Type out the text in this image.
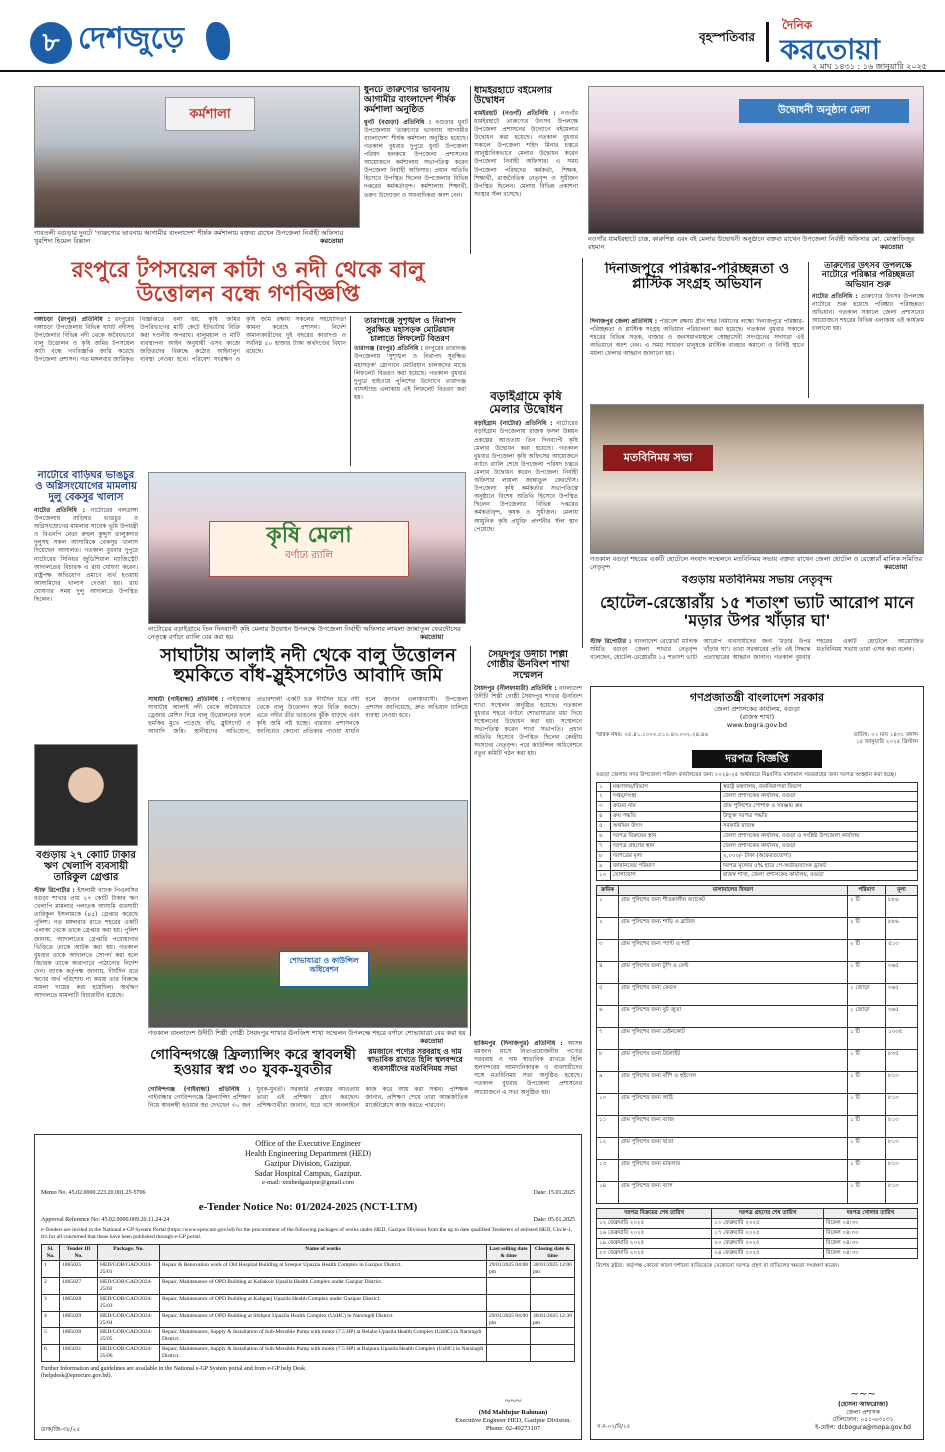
৮ দেশজুড়ে	বৃহস্পতিবার
দৈনিক
করতোয়া
২ মাঘ ১৪৩১ : ১৬ জানুয়ারি ২০২৫
কর্মশালা
গাবতলী বগুড়ার দুনটে 'তারুণ্যের ভাবনায় আগামীর বাংলাদেশ' শীর্ষক কর্মশালায় বক্তব্য রাখেন উপজেলা নির্বাহী অফিসার খুরশিদা হিমেল বিল্লাল	করতোয়া
ধুনটে তারুণ্যের ভাবনায় আগামীর বাংলাদেশ শীর্ষক কর্মশালা অনুষ্ঠিত
ধুনট (বগুড়া) প্রতিনিধি : বগুড়ার ধুনট উপজেলায় 'তারুণ্যের ভাবনায় আগামীর বাংলাদেশ' শীর্ষক কর্মশালা অনুষ্ঠিত হয়েছে। গতকাল বুধবার দুপুরে ধুনট উপজেলা পরিষদ হলরুমে উপজেলা প্রশাসনের আয়োজনে কর্মশালায় সভাপতিত্ব করেন উপজেলা নির্বাহী অফিসার। প্রধান অতিথি হিসেবে উপস্থিত ছিলেন উপজেলার বিভিন্ন দপ্তরের কর্মকর্তাবৃন্দ। কর্মশালায় শিক্ষার্থী, তরুণ উদ্যোক্তা ও সাংবাদিকরা অংশ নেন।
ধামইরহাটে বইমেলার উদ্বোধন
ধামইরহাট (নওগাঁ) প্রতিনিধি : নওগাঁর ধামইরহাটে তারুণ্যের উৎসব উপলক্ষে উপজেলা প্রশাসনের উদ্যোগে বইমেলার উদ্বোধন করা হয়েছে। গতকাল বুধবার সকালে উপজেলা শহিদ মিনার চত্বরে আনুষ্ঠানিকভাবে মেলার উদ্বোধন করেন উপজেলা নির্বাহী অফিসার। এ সময় উপজেলা পরিষদের কর্মকর্তা, শিক্ষক, শিক্ষার্থী, রাজনৈতিক নেতৃবৃন্দ ও সুধীজন উপস্থিত ছিলেন। মেলায় বিভিন্ন প্রকাশনা সংস্থার স্টল বসেছে।
উদ্বোধনী অনুষ্ঠান মেলা
নওগাঁর ধামইরহাটে চাক্ক, কারুশিল্প এবং বই মেলার উদ্বোধনী অনুষ্ঠানে বক্তব্য রাখেন উপজেলা নির্বাহী অফিসার মো. মোস্তাফিজুর রহমান	করতোয়া
রংপুরে টপসয়েল কাটা ও নদী থেকে বালু উত্তোলন বন্ধে গণবিজ্ঞপ্তি
গঙ্গাচড়া (রংপুর) প্রতিনিধি : রংপুরের গঙ্গাচড়া উপজেলায় বিভিন্ন ঘাঘট নদীসহ উপজেলার বিভিন্ন নদী থেকে অবৈধভাবে বালু উত্তোলন ও কৃষি জমির টপসয়েল কাটা বন্ধে গণবিজ্ঞপ্তি জারি করেছে উপজেলা প্রশাসন। গত মঙ্গলবার জারিকৃত বিজ্ঞপ্তিতে বলা হয়, কৃষি জমির উপরিভাগের মাটি কেটে ইটভাটায় বিক্রি করা দণ্ডনীয় অপরাধ। বালুমহাল ও মাটি ব্যবস্থাপনা আইন অনুযায়ী এসব কাজে জড়িতদের বিরুদ্ধে কঠোর আইনানুগ ব্যবস্থা নেওয়া হবে। পরিবেশ সংরক্ষণ ও কৃষি জমি রক্ষায় সকলের সহযোগিতা কামনা করেছে প্রশাসন। নির্দেশ অমান্যকারীদের দুই বছরের কারাদণ্ড ও সর্বনিম্ন ৫০ হাজার টাকা অর্থদণ্ডের বিধান রয়েছে।
তারাগঞ্জে সুশৃঙ্খল ও নিরাপদ সুরক্ষিত মহাসড়ক মোটরযান চালাতে লিফলেট বিতরণ
তারাগঞ্জ (রংপুর) প্রতিনিধি : রংপুরের তারাগঞ্জ উপজেলায় 'সুশৃঙ্খল ও নিরাপদ সুরক্ষিত মহাসড়ক' স্লোগানে মোটরযান চালকদের মাঝে লিফলেট বিতরণ করা হয়েছে। গতকাল বুধবার দুপুরে হাইওয়ে পুলিশের উদ্যোগে তারাগঞ্জ বাসস্ট্যান্ড এলাকায় এই লিফলেট বিতরণ করা হয়।
নাটোরে বাড়িঘর ভাঙচুর ও অগ্নিসংযোগের মামলায় দুলু বেকসুর খালাস
নাটোর প্রতিনিধি : নাটোরের নলডাঙ্গা উপজেলায় বাড়িঘর ভাঙচুর ও অগ্নিসংযোগের মামলায় সাবেক ভূমি উপমন্ত্রী ও বিএনপি নেতা রুহুল কুদ্দুস তালুকদার দুলুসহ সকল আসামিকে বেকসুর খালাস দিয়েছেন আদালত। গতকাল বুধবার দুপুরে নাটোরের সিনিয়র জুডিশিয়াল ম্যাজিস্ট্রেট আদালতের বিচারক এ রায় ঘোষণা করেন। রাষ্ট্রপক্ষ অভিযোগ প্রমাণে ব্যর্থ হওয়ায় আসামিদের খালাস দেওয়া হয়। রায় ঘোষণার সময় দুলু আদালতে উপস্থিত ছিলেন।
কৃষি মেলা
বর্ণাঢ্য র‍্যালি
নাটোরের বড়াইগ্রামে তিন দিনব্যাপী কৃষি মেলার উদ্বোধন উপলক্ষে উপজেলা নির্বাহী অফিসার লায়লা জান্নাতুল ফেরদৌসের নেতৃত্বে বর্ণাঢ্য র‍্যালি বের করা হয়	করতোয়া
বড়াইগ্রামে কৃষি মেলার উদ্বোধন
বড়াইগ্রাম (নাটোর) প্রতিনিধি : নাটোরের বড়াইগ্রাম উপজেলায় রাজস্ব ফসল উন্নয়ন প্রকল্পের আওতায় তিন দিনব্যাপী কৃষি মেলার উদ্বোধন করা হয়েছে। গতকাল বুধবার উপজেলা কৃষি অফিসের আয়োজনে বর্ণাঢ্য র‍্যালি শেষে উপজেলা পরিষদ চত্বরে মেলার উদ্বোধন করেন উপজেলা নির্বাহী অফিসার লায়লা জান্নাতুল ফেরদৌস। উপজেলা কৃষি কর্মকর্তার সভাপতিত্বে অনুষ্ঠানে বিশেষ অতিথি হিসেবে উপস্থিত ছিলেন উপজেলার বিভিন্ন দপ্তরের কর্মকর্তাবৃন্দ, কৃষক ও সুধীজন। মেলায় আধুনিক কৃষি প্রযুক্তি প্রদর্শনীর স্টল স্থান পেয়েছে।
দিনাজপুরে পরিষ্কার-পরিচ্ছন্নতা ও প্লাস্টিক সংগ্রহ অভিযান
দিনাজপুর জেলা প্রতিনিধি : পরিবেশ রক্ষায় গ্রীন শহর নির্মাণের লক্ষ্যে দিনাজপুরে পরিষ্কার-পরিচ্ছন্নতা ও প্লাস্টিক সংগ্রহ অভিযান পরিচালনা করা হয়েছে। গতকাল বুধবার সকালে শহরের বিভিন্ন সড়ক, বাজার ও জনসমাগমস্থলে স্বেচ্ছাসেবী সংগঠনের সদস্যরা এই অভিযানে অংশ নেন। এ সময় সাধারণ মানুষকে প্লাস্টিক ব্যবহার কমানো ও নির্দিষ্ট স্থানে ময়লা ফেলার আহ্বান জানানো হয়।
তারুণ্যের উৎসব উপলক্ষে নাটোরে পরিষ্কার পরিচ্ছন্নতা অভিযান শুরু
নাটোর প্রতিনিধি : তারুণ্যের উৎসব উপলক্ষে নাটোরে শুরু হয়েছে পরিষ্কার পরিচ্ছন্নতা অভিযান। গতকাল সকালে জেলা প্রশাসনের আয়োজনে শহরের বিভিন্ন এলাকায় এই কার্যক্রম চালানো হয়।
মতবিনিময় সভা
গতকাল বগুড়া শহরের একটি হোটেলে সংবাদ সম্মেলনে মতবিনিময় সভায় বক্তব্য রাখেন জেলা হোটেল ও রেস্তোরাঁ মালিক সমিতির নেতৃবৃন্দ	করতোয়া
বগুড়ায় মতবিনিময় সভায় নেতৃবৃন্দ
হোটেল-রেস্তোরাঁয় ১৫ শতাংশ ভ্যাট আরোপ মানে 'মড়ার উপর খাঁড়ার ঘা'
স্টাফ রিপোর্টার : বাংলাদেশ রেস্তোরাঁ মালিক সমিতি বগুড়া জেলা শাখার নেতৃবৃন্দ বলেছেন, হোটেল-রেস্তোরাঁয় ১৫ শতাংশ ভ্যাট আরোপ ব্যবসায়ীদের জন্য 'মড়ার উপর খাঁড়ার ঘা'। তারা সরকারের প্রতি এই সিদ্ধান্ত প্রত্যাহারের আহ্বান জানান। গতকাল বুধবার শহরের একটি হোটেলে আয়োজিত মতবিনিময় সভায় তারা এসব কথা বলেন।
সাঘাটায় আলাই নদী থেকে বালু উত্তোলন হুমকিতে বাঁধ-স্লুইসগেটও আবাদি জমি
সাঘাটা (গাইবান্ধা) প্রতিনিধি : গাইবান্ধার সাঘাটায় আলাই নদী থেকে অবৈধভাবে ড্রেজার মেশিন দিয়ে বালু উত্তোলনের ফলে হুমকির মুখে পড়েছে বাঁধ, স্লুইসগেট ও আবাদি জমি। স্থানীয়দের অভিযোগ, প্রভাবশালী একটি চক্র দীর্ঘদিন ধরে নদী থেকে বালু উত্তোলন করে বিক্রি করছে। এতে নদীর তীর ভাঙনের ঝুঁকি বাড়ছে এবং কৃষি জমি নষ্ট হচ্ছে। বারবার প্রশাসনকে জানিয়েও কোনো প্রতিকার পাওয়া যায়নি বলে জানান এলাকাবাসী। উপজেলা প্রশাসন জানিয়েছে, দ্রুত অভিযান চালিয়ে ব্যবস্থা নেওয়া হবে।
বগুড়ায় ২৭ কোটি টাকার ঋণ খেলাপি ব্যবসায়ী তারিকুল গ্রেপ্তার
স্টাফ রিপোর্টার : ইসলামী ব্যাংক পিএলসির বগুড়া শাখার প্রায় ২৭ কোটি টাকার ঋণ খেলাপি মামলার পলাতক আসামি ব্যবসায়ী তারিকুল ইসলামকে (৪৫) গ্রেপ্তার করেছে পুলিশ। গত মঙ্গলবার রাতে শহরের একটি এলাকা থেকে তাকে গ্রেপ্তার করা হয়। পুলিশ জানায়, আদালতের গ্রেপ্তারি পরোয়ানার ভিত্তিতে তাকে আটক করা হয়। গতকাল বুধবার তাকে আদালতে সোপর্দ করা হলে বিচারক তাকে কারাগারে পাঠানোর নির্দেশ দেন। ব্যাংক কর্তৃপক্ষ জানায়, দীর্ঘদিন ধরে ঋণের অর্থ পরিশোধ না করায় তার বিরুদ্ধে মামলা দায়ের করা হয়েছিল। অর্থঋণ আদালতে মামলাটি বিচারাধীন রয়েছে।
শোভাযাত্রা ও কাউন্সিল অধিবেশন
গতকাল বাংলাদেশ উদীচী শিল্পী গোষ্ঠী সৈয়দপুর শাখার ঊনবিংশ শাখা সম্মেলন উপলক্ষে শহরে বর্ণাঢ্য শোভাযাত্রা বের করা হয়
করতোয়া
সৈয়দপুর উদীচী শিল্পী গোষ্ঠীর ঊনবিংশ শাখা সম্মেলন
সৈয়দপুর (নীলফামারী) প্রতিনিধি : বাংলাদেশ উদীচী শিল্পী গোষ্ঠী সৈয়দপুর শাখার ঊনবিংশ শাখা সম্মেলন অনুষ্ঠিত হয়েছে। গতকাল বুধবার শহরে বর্ণাঢ্য শোভাযাত্রার মধ্য দিয়ে সম্মেলনের উদ্বোধন করা হয়। সম্মেলনে সভাপতিত্ব করেন শাখা সভাপতি। প্রধান অতিথি হিসেবে উপস্থিত ছিলেন কেন্দ্রীয় সংসদের নেতৃবৃন্দ। পরে কাউন্সিল অধিবেশনে নতুন কমিটি গঠন করা হয়।
গোবিন্দগঞ্জে ফ্রিল্যান্সিং করে স্বাবলম্বী হওয়ার স্বপ্ন ৩০ যুবক-যুবতীর
গোবিন্দগঞ্জ (গাইবান্ধা) প্রতিনিধি : গাইবান্ধার গোবিন্দগঞ্জে ফ্রিল্যান্সিং প্রশিক্ষণ নিয়ে স্বাবলম্বী হওয়ার স্বপ্ন দেখছেন ৩০ জন যুবক-যুবতী। সরকারি প্রকল্পের আওতায় তারা এই প্রশিক্ষণ গ্রহণ করছেন। প্রশিক্ষণার্থীরা জানান, ঘরে বসে অনলাইনে কাজ করে আয় করা সম্ভব। প্রশিক্ষক জানান, প্রশিক্ষণ শেষে তারা আন্তর্জাতিক মার্কেটপ্লেসে কাজ করতে পারবেন।
রমজানে পণ্যের সরবরাহ ও দাম স্বাভাবিক রাখতে হিলি স্থলবন্দরে ব্যবসায়ীদের মতবিনিময় সভা
হাকিমপুর (দিনাজপুর) প্রতিনিধি : আসন্ন রমজান মাসে নিত্যপ্রয়োজনীয় পণ্যের সরবরাহ ও দাম স্বাভাবিক রাখতে হিলি স্থলবন্দরের আমদানিকারক ও ব্যবসায়ীদের সঙ্গে মতবিনিময় সভা অনুষ্ঠিত হয়েছে। গতকাল বুধবার উপজেলা প্রশাসনের আয়োজনে এ সভা অনুষ্ঠিত হয়।
Office of the Executive Engineer
Health Engineering Department (HED)
Gazipur Division, Gazipur.
Sadar Hospital Campus, Gazipur.
e-mail: xenhedgazipur@gmail.com
Memo No. 45.02.0000.223.20.001.25-5706	Date: 15.01.2025
e-Tender Notice No: 01/2024-2025 (NCT-LTM)
Approval Reference No: 45.02.0000.009.20.11.24-24	Date: 05.01.2025
e-Tenders are invited in the National e-GP System Portal (https://www.eprocure.gov.bd) for the procurement of the following packages of works under HED, Gazipur Division from the up to date qualified Tenderers of enlisted HED, Circle-1. It's for all concerned that these have been published through e-GP portal.
Sl. No.	Tender ID No.	Package. No.	Name of works	Last selling date & time	Closing date & time
1	1065025	HED/GOB/GAD/2024-25/01	Repair & Renovation work of Old Hospital Building at Sreepur Upazila Health Complex in Gazipur District.	29/01/2025 04:00 pm	30/01/2025 12:00 pm
2	1065027	HED/GOB/GAD/2024-25/02	Repair, Maintenance of OPD Building at Kaliakoir Upazila Health Complex under Gazipur District.		
3	1065028	HED/GOB/GAD/2024-25/03	Repair, Maintenance of OPD Building at Kaliganj Upazila Health Complex under Gazipur District.		
4	1065029	HED/GOB/GAD/2024-25/04	Repair, Maintenance of OPD Building at Shibpur Upazila Health Complex (UzHC) in Narsingdi District.	29/01/2025 04:00 pm	30/01/2025 12:30 pm
5	1065030	HED/GOB/GAD/2024-25/05	Repair, Maintenance, Supply & Installation of Sub-Mersible Pump with motor (7.5 HP) at Belabo Upazila Health Complex (UzHC) in Narsingdi District.		
6	1065031	HED/GOB/GAD/2024-25/06	Repair, Maintenance, Supply & Installation of Sub-Mersible Pump with motor (7.5 HP) at Raipura Upazila Health Complex (UzHC) in Narsingdi District.		
Further Information and guidelines are available in the National e-GP System portal and from e-GP help Desk (helpdesk@eprocure.gov.bd).
~~~
(Md Mahfujur Rahman)
Executive Engineer HED, Gazipur Division.
Phone: 02-49273107
ডাক/জি-৩৮/২৫
গণপ্রজাতন্ত্রী বাংলাদেশ সরকার
জেলা প্রশাসকের কার্যালয়, বগুড়া
(রাজস্ব শাখা)
www.bogra.gov.bd
স্মারক নম্বর: ০৫.৪১.১০০০.০১০.৪৩.০৩২.২৪.৪৬	তারিখ: ০১ মাঘ ১৪৩১ বঙ্গাব্দ
১৫ জানুয়ারি ২০২৫ খ্রিস্টাব্দ
দরপত্র বিজ্ঞপ্তি
বগুড়া জেলার সদর উপজেলা পরিষদ কার্যালয়ের জন্য ২০২৪-২৫ অর্থবছরে নিম্নবর্ণিত মালামাল সরবরাহের জন্য দরপত্র আহ্বান করা হচ্ছে।
১	মন্ত্রণালয়/বিভাগ	স্বরাষ্ট্র মন্ত্রণালয়, জননিরাপত্তা বিভাগ
২	দপ্তর/সংস্থা	জেলা প্রশাসকের কার্যালয়, বগুড়া
৩	ক্রয়ের নাম	গ্রাম পুলিশের পোশাক ও সরঞ্জাম ক্রয়
৪	ক্রয় পদ্ধতি	উন্মুক্ত দরপত্র পদ্ধতি
৫	অর্থায়ন উৎস	সরকারি রাজস্ব
৬	দরপত্র বিক্রয়ের স্থান	জেলা প্রশাসকের কার্যালয়, বগুড়া ও সংশ্লিষ্ট উপজেলা কার্যালয়
৭	দরপত্র গ্রহণের স্থান	জেলা প্রশাসকের কার্যালয়, বগুড়া
৮	দরপত্রের মূল্য	২,০০০/- টাকা (অফেরতযোগ্য)
৯	জামানতের পরিমাণ	দরপত্র মূল্যের ৫% হারে পে-অর্ডার/ব্যাংক ড্রাফট
১০	যোগাযোগ	রাজস্ব শাখা, জেলা প্রশাসকের কার্যালয়, বগুড়া
ক্রমিক	মালামালের বিবরণ	পরিমাণ	মূল্য
১	গ্রাম পুলিশের জন্য শীতকালীন জ্যাকেট	২ টি	৮৮৬
২	গ্রাম পুলিশের জন্য শাড়ি ও ব্লাউজ	২ টি	৮৮৬
৩	গ্রাম পুলিশের জন্য প্যান্ট ও শার্ট	২ টি	৫১৩
৪	গ্রাম পুলিশের জন্য টুপি ও বেল্ট	১ টি	৩৬৫
৫	গ্রাম পুলিশের জন্য কেডস	১ জোড়া	৩৬৫
৬	গ্রাম পুলিশের জন্য বুট জুতা	১ জোড়া	৩৬৫
৭	গ্রাম পুলিশের জন্য রেইনকোট	১ টি	১০৩৫
৮	গ্রাম পুলিশের জন্য টর্চলাইট	১ টি	৮৩৫
৯	গ্রাম পুলিশের জন্য বাঁশি ও হুইসেল	১ টি	৮১৩
১০	গ্রাম পুলিশের জন্য লাঠি	১ টি	৮১৩
১১	গ্রাম পুলিশের জন্য ব্যাজ	১ টি	৮১৩
১২	গ্রাম পুলিশের জন্য ছাতা	১ টি	৮১৩
১৩	গ্রাম পুলিশের জন্য মাফলার	১ টি	৮১৩
১৪	গ্রাম পুলিশের জন্য ব্যাগ	১ টি	৮১৩
দরপত্র বিক্রয়ের শেষ তারিখ	দরপত্র গ্রহণের শেষ তারিখ	দরপত্র খোলার তারিখ
১২ ফেব্রুয়ারি ২০২৫	১৩ ফেব্রুয়ারি ২০২৫	বিকেল ০৪:৩০
১৬ ফেব্রুয়ারি ২০২৫	১৭ ফেব্রুয়ারি ২০২৫	বিকেল ০৪:৩০
১৯ ফেব্রুয়ারি ২০২৫	২০ ফেব্রুয়ারি ২০২৫	বিকেল ০৪:৩০
২৩ ফেব্রুয়ারি ২০২৫	২৪ ফেব্রুয়ারি ২০২৫	বিকেল ০৪:৩০
বিশেষ দ্রষ্টব্য: কর্তৃপক্ষ কোনো কারণ দর্শানো ব্যতিরেকে যেকোনো দরপত্র গ্রহণ বা বাতিলের ক্ষমতা সংরক্ষণ করেন।
~~~
(হোসনা আফরোজা)
জেলা প্রশাসক
টেলিফোন: ০৫১-৬৩১৩১
ই-মেইল: dcbogura@mopa.gov.bd
স.ন-০২/বি/২৫
